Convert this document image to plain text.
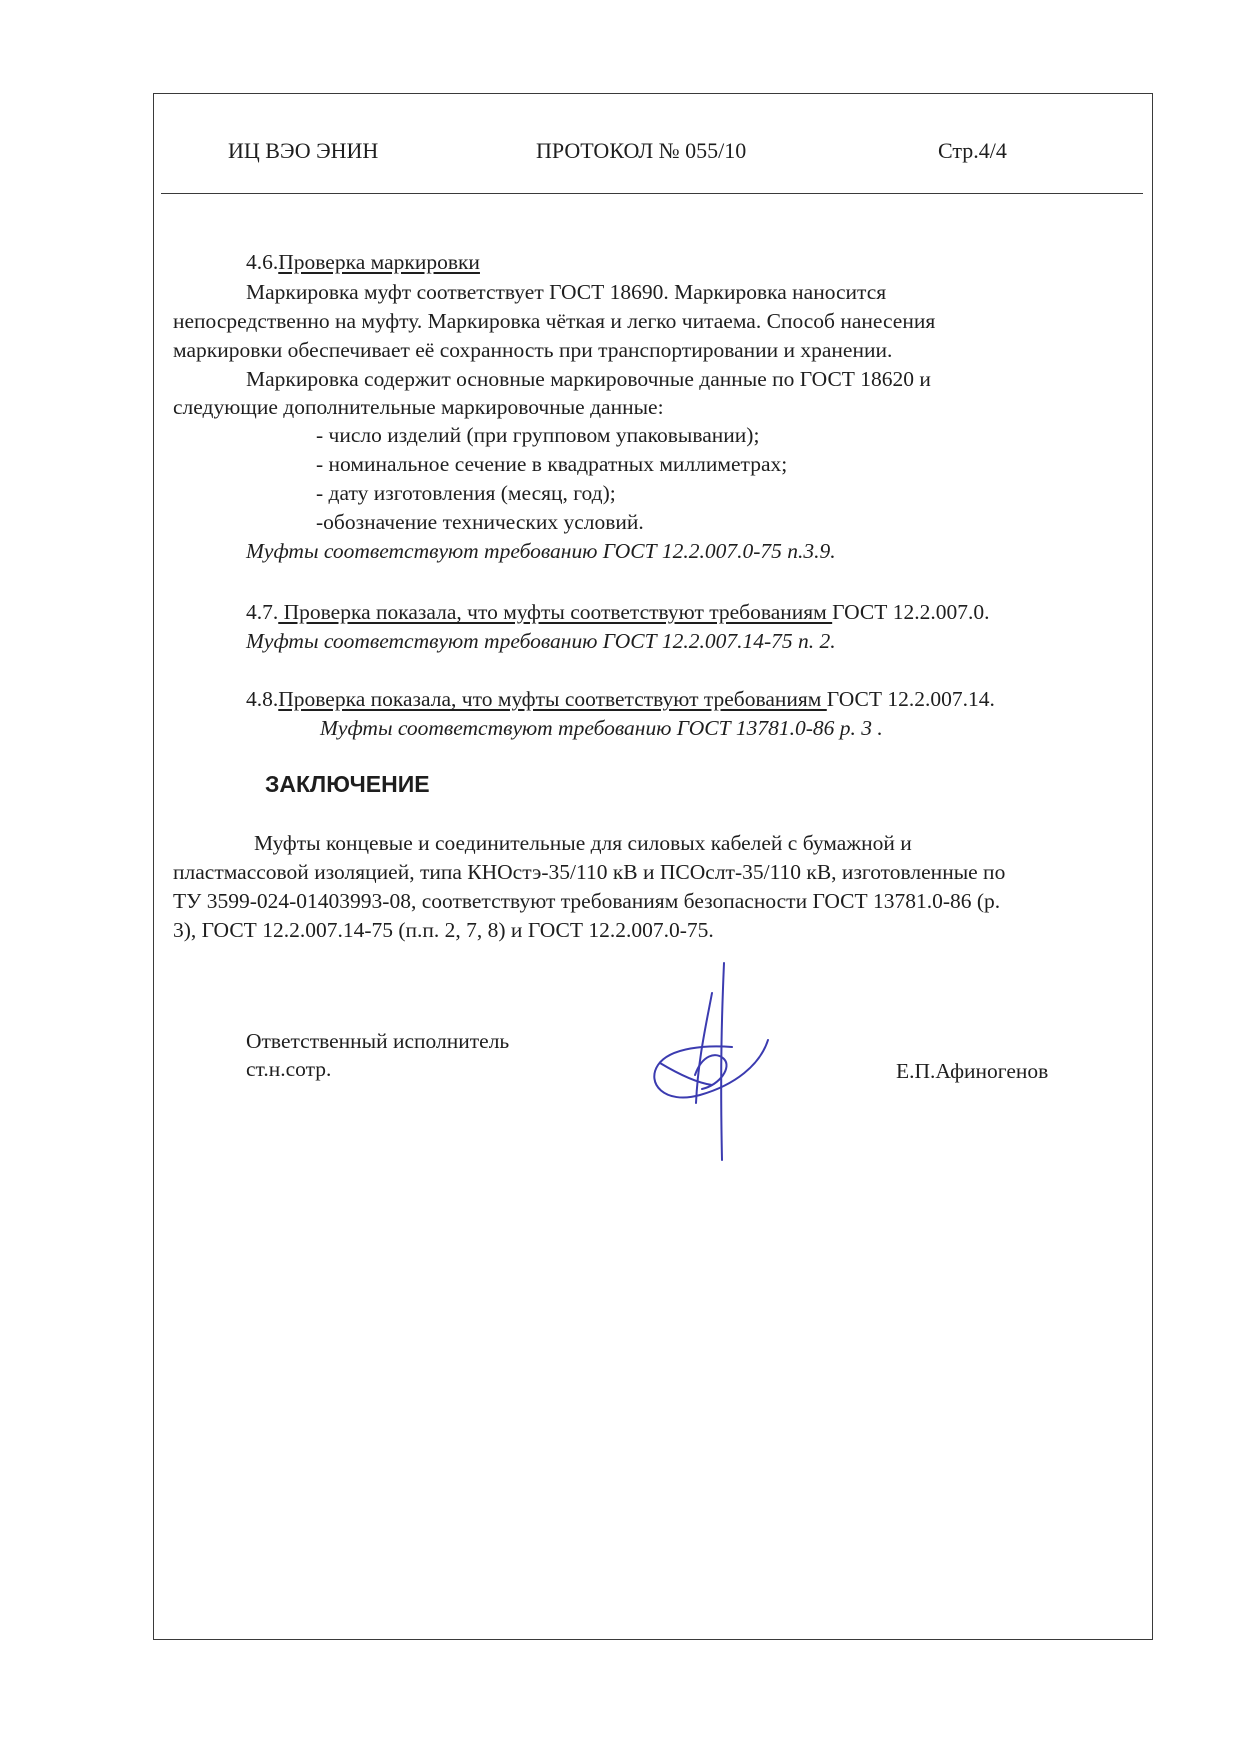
ИЦ ВЭО ЭНИН	ПРОТОКОЛ № 055/10	Стр.4/4
4.6.Проверка маркировки
Маркировка муфт соответствует ГОСТ 18690. Маркировка наносится
непосредственно на муфту. Маркировка чёткая и легко читаема. Способ нанесения
маркировки обеспечивает её сохранность при транспортировании и хранении.
Маркировка содержит основные маркировочные данные по ГОСТ 18620 и
следующие дополнительные маркировочные данные:
- число изделий (при групповом упаковывании);
- номинальное сечение в квадратных миллиметрах;
- дату изготовления (месяц, год);
-обозначение технических условий.
Муфты соответствуют требованию ГОСТ 12.2.007.0-75 п.3.9.
4.7. Проверка показала, что муфты соответствуют требованиям ГОСТ 12.2.007.0.
Муфты соответствуют требованию ГОСТ 12.2.007.14-75 п. 2.
4.8.Проверка показала, что муфты соответствуют требованиям ГОСТ 12.2.007.14.
Муфты соответствуют требованию ГОСТ 13781.0-86 р. 3 .
ЗАКЛЮЧЕНИЕ
Муфты концевые и соединительные для силовых кабелей с бумажной и
пластмассовой изоляцией, типа КНОстэ-35/110 кВ и ПСОслт-35/110 кВ, изготовленные по
ТУ 3599-024-01403993-08, соответствуют требованиям безопасности ГОСТ 13781.0-86 (р.
3), ГОСТ 12.2.007.14-75 (п.п. 2, 7, 8) и ГОСТ 12.2.007.0-75.
Ответственный исполнитель
ст.н.сотр.	Е.П.Афиногенов
